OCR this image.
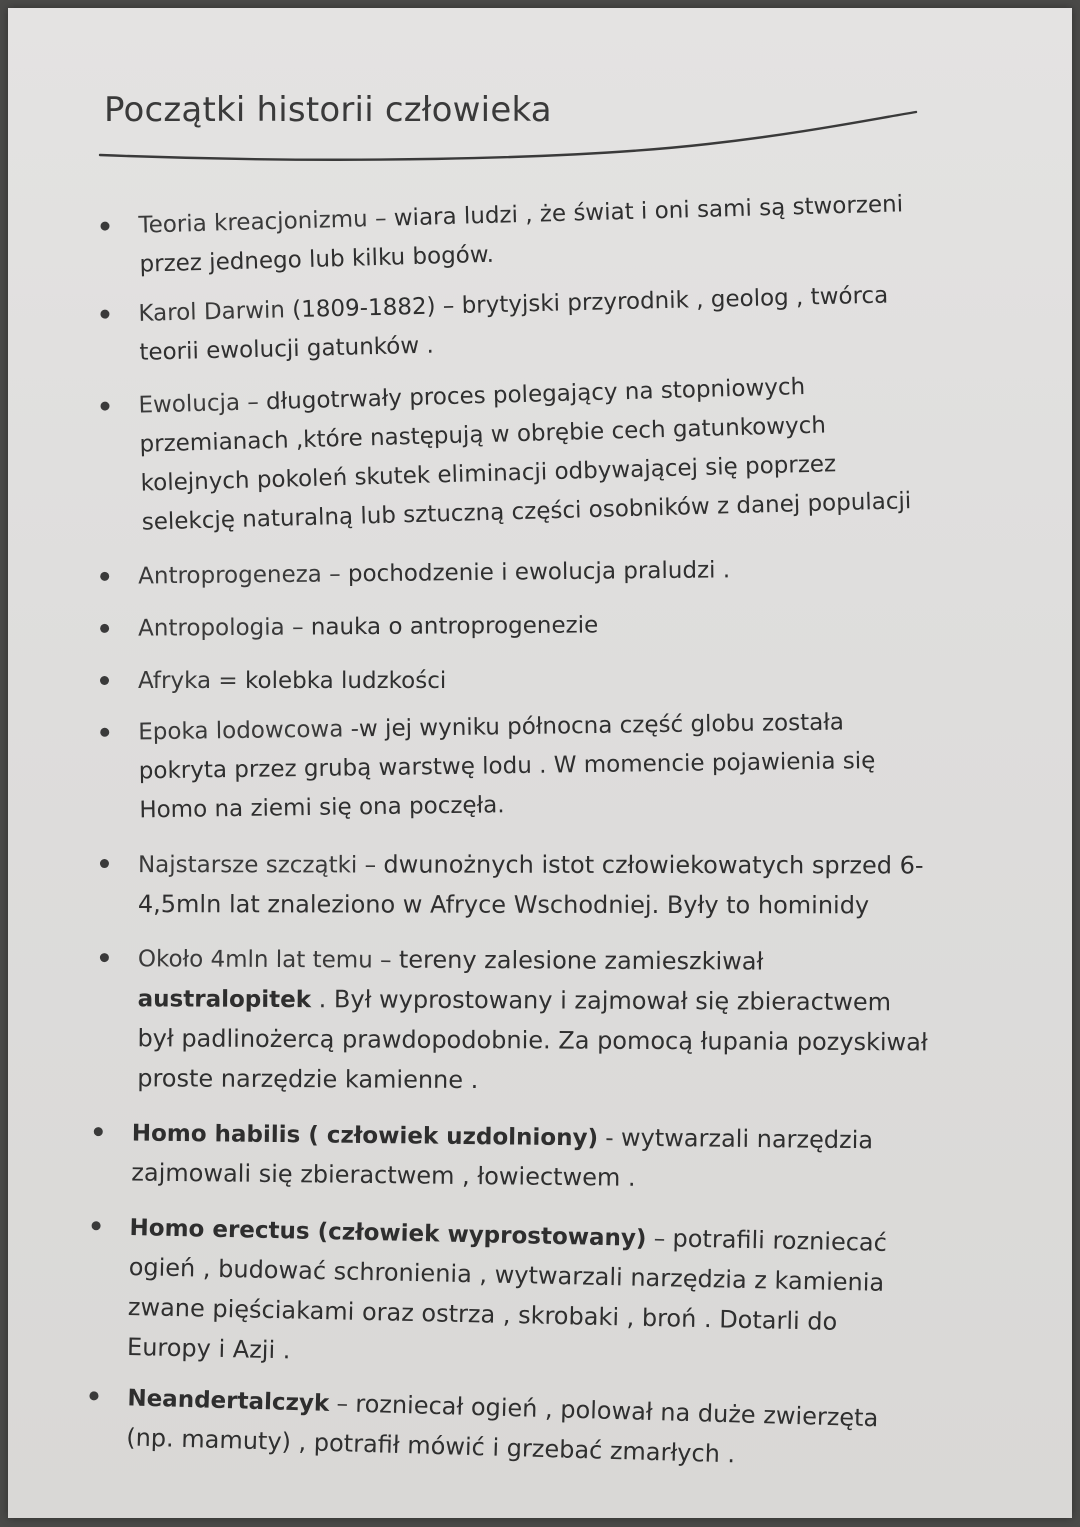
Początki historii człowieka
Teoria kreacjonizmu – wiara ludzi , że świat i oni sami są stworzeni przez jednego lub kilku bogów.
Karol Darwin (1809-1882) – brytyjski przyrodnik , geolog , twórca teorii ewolucji gatunków .
Ewolucja – długotrwały proces polegający na stopniowych przemianach ,które następują w obrębie cech gatunkowych kolejnych pokoleń skutek eliminacji odbywającej się poprzez selekcję naturalną lub sztuczną części osobników z danej populacji
Antroprogeneza – pochodzenie i ewolucja praludzi .
Antropologia – nauka o antroprogenezie
Afryka = kolebka ludzkości
Epoka lodowcowa -w jej wyniku północna część globu została pokryta przez grubą warstwę lodu . W momencie pojawienia się Homo na ziemi się ona poczęła.
Najstarsze szczątki – dwunożnych istot człowiekowatych sprzed 6-4,5mln lat znaleziono w Afryce Wschodniej. Były to hominidy
Około 4mln lat temu – tereny zalesione zamieszkiwał australopitek . Był wyprostowany i zajmował się zbieractwem był padlinożercą prawdopodobnie. Za pomocą łupania pozyskiwał proste narzędzie kamienne .
Homo habilis ( człowiek uzdolniony) - wytwarzali narzędzia zajmowali się zbieractwem , łowiectwem .
Homo erectus (człowiek wyprostowany) – potrafili rozniecać ogień , budować schronienia , wytwarzali narzędzia z kamienia zwane pięściakami oraz ostrza , skrobaki , broń . Dotarli do Europy i Azji .
Neandertalczyk – rozniecał ogień , polował na duże zwierzęta (np. mamuty) , potrafił mówić i grzebać zmarłych .
